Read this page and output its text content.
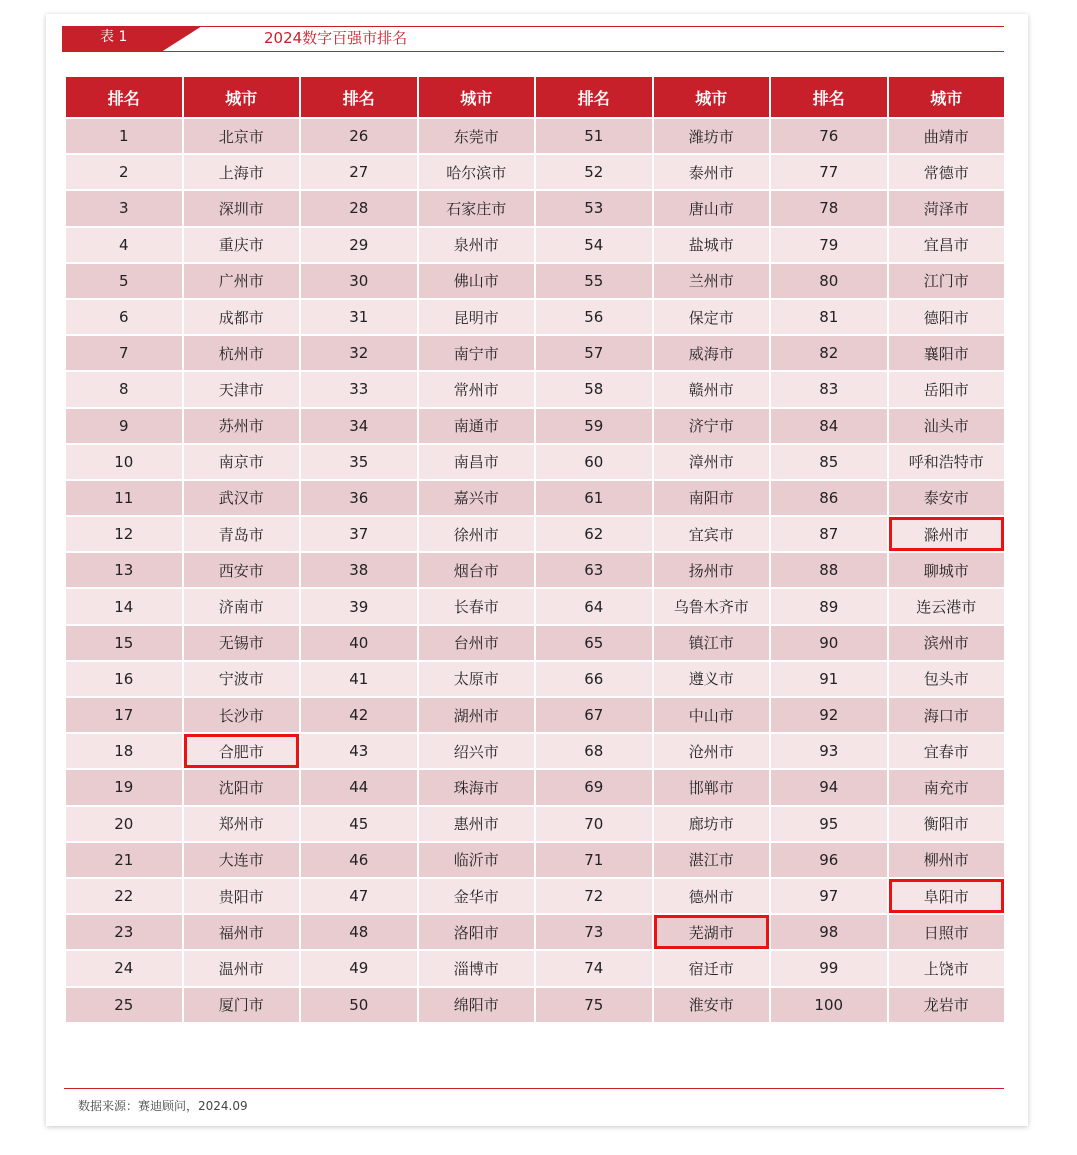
表 1	2024数字百强市排名
排名	城市	排名	城市	排名	城市	排名	城市
1	北京市	26	东莞市	51	潍坊市	76	曲靖市
2	上海市	27	哈尔滨市	52	泰州市	77	常德市
3	深圳市	28	石家庄市	53	唐山市	78	菏泽市
4	重庆市	29	泉州市	54	盐城市	79	宜昌市
5	广州市	30	佛山市	55	兰州市	80	江门市
6	成都市	31	昆明市	56	保定市	81	德阳市
7	杭州市	32	南宁市	57	威海市	82	襄阳市
8	天津市	33	常州市	58	赣州市	83	岳阳市
9	苏州市	34	南通市	59	济宁市	84	汕头市
10	南京市	35	南昌市	60	漳州市	85	呼和浩特市
11	武汉市	36	嘉兴市	61	南阳市	86	泰安市
12	青岛市	37	徐州市	62	宜宾市	87	滁州市
13	西安市	38	烟台市	63	扬州市	88	聊城市
14	济南市	39	长春市	64	乌鲁木齐市	89	连云港市
15	无锡市	40	台州市	65	镇江市	90	滨州市
16	宁波市	41	太原市	66	遵义市	91	包头市
17	长沙市	42	湖州市	67	中山市	92	海口市
18	合肥市	43	绍兴市	68	沧州市	93	宜春市
19	沈阳市	44	珠海市	69	邯郸市	94	南充市
20	郑州市	45	惠州市	70	廊坊市	95	衡阳市
21	大连市	46	临沂市	71	湛江市	96	柳州市
22	贵阳市	47	金华市	72	德州市	97	阜阳市
23	福州市	48	洛阳市	73	芜湖市	98	日照市
24	温州市	49	淄博市	74	宿迁市	99	上饶市
25	厦门市	50	绵阳市	75	淮安市	100	龙岩市
数据来源：赛迪顾问，2024.09
